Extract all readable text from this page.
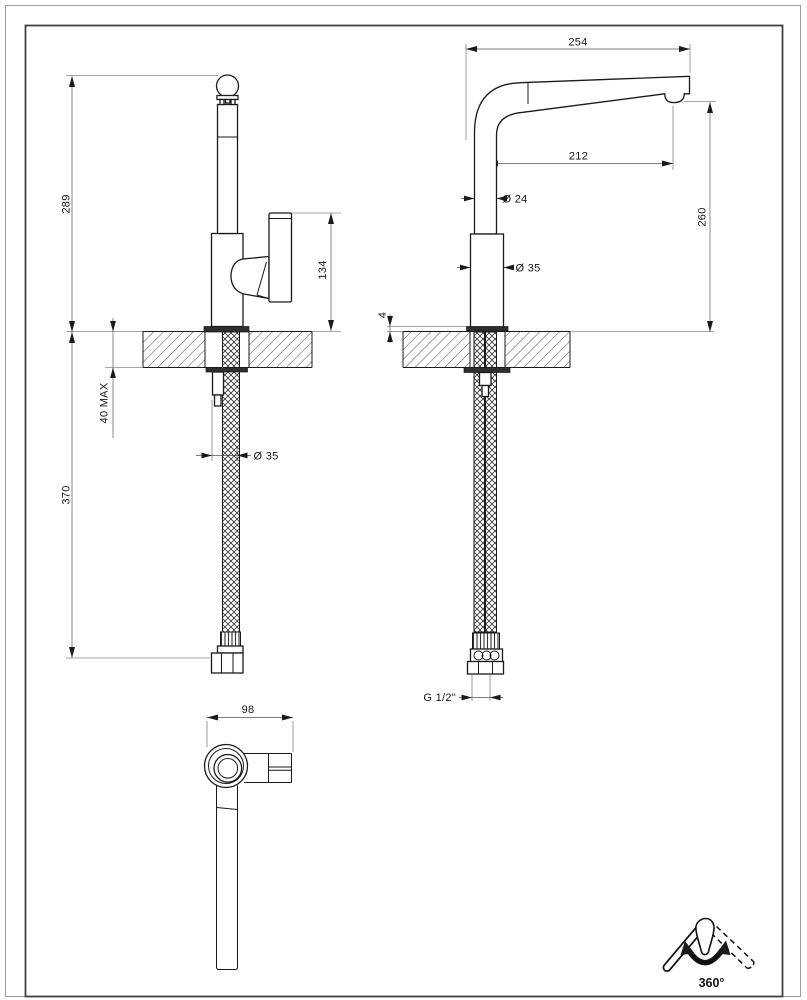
254
212
Ø 24
Ø 35
260
4
G 1/2"
289
370
40 MAX
Ø 35
134
98
360°
